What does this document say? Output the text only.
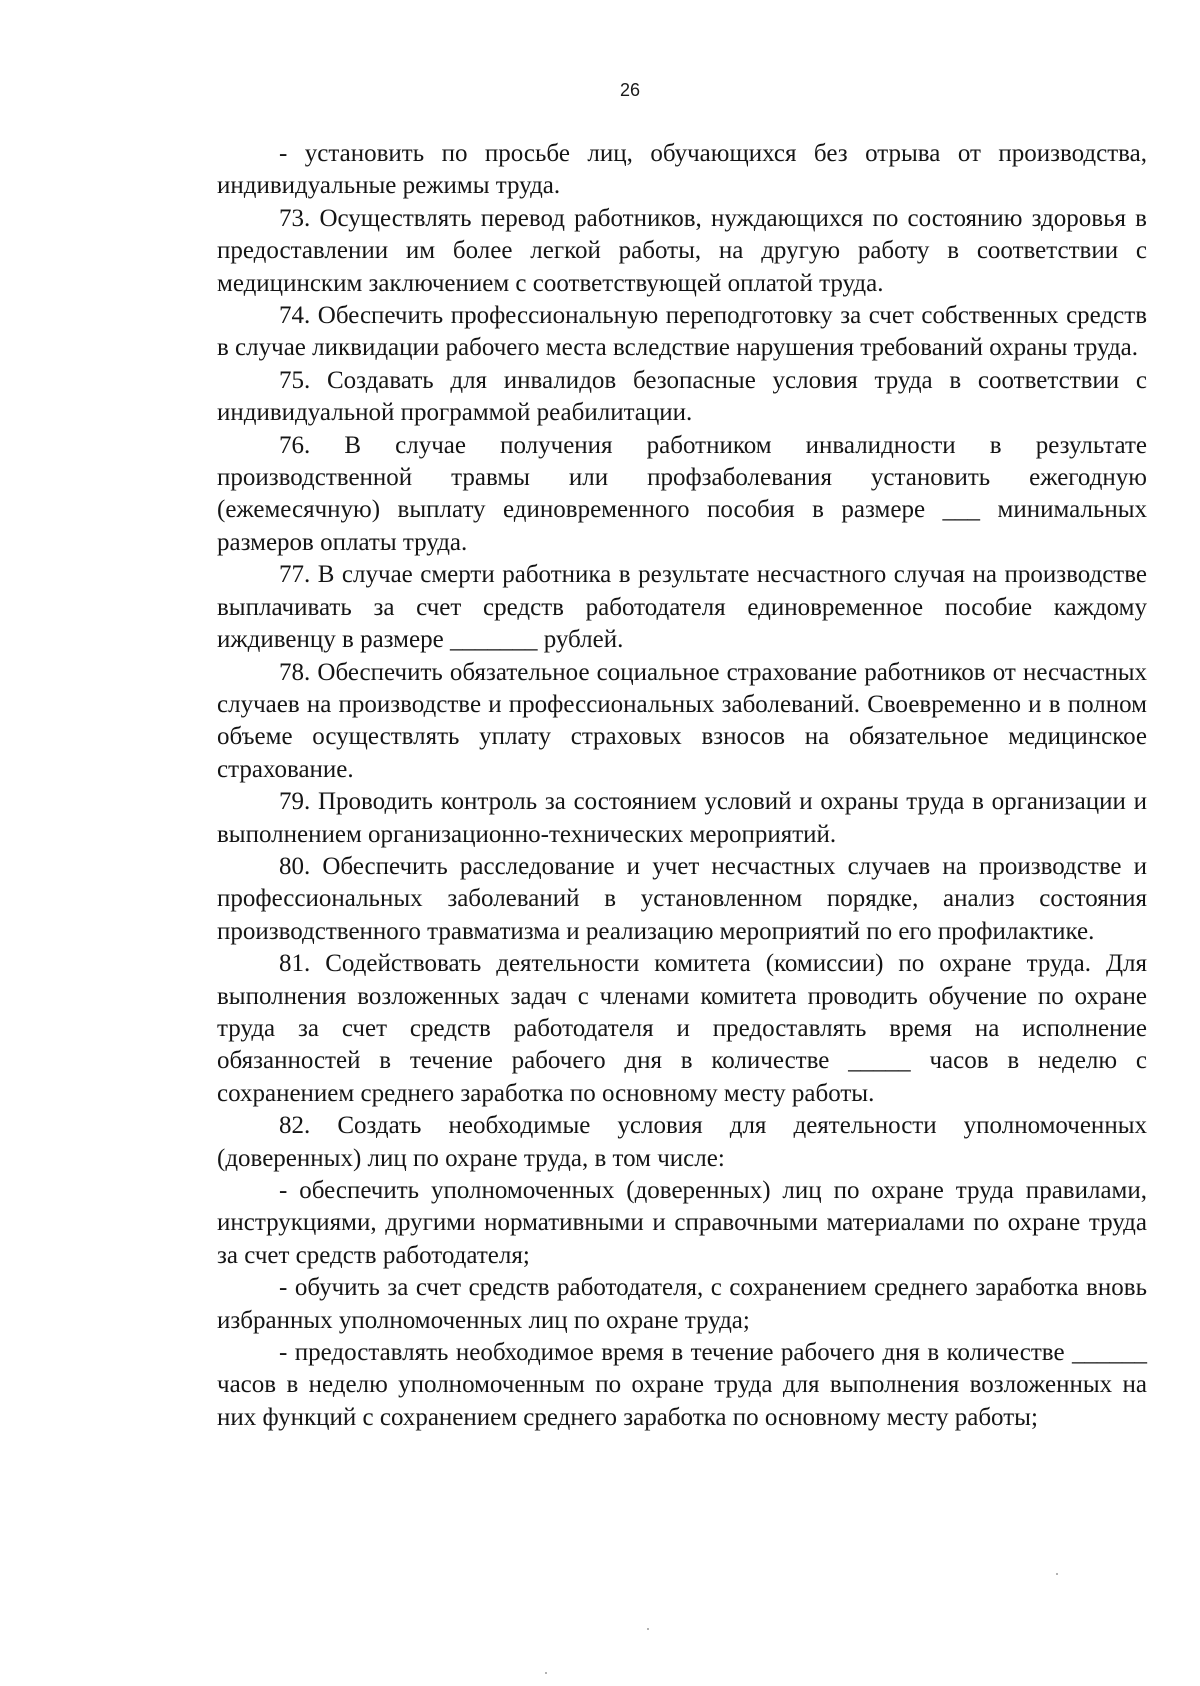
26

- установить по просьбе лиц, обучающихся без отрыва от производства, индивидуальные режимы труда.

73. Осуществлять перевод работников, нуждающихся по состоянию здоровья в предоставлении им более легкой работы, на другую работу в соответствии с медицинским заключением с соответствующей оплатой труда.

74. Обеспечить профессиональную переподготовку за счет собственных средств в случае ликвидации рабочего места вследствие нарушения требований охраны труда.

75. Создавать для инвалидов безопасные условия труда в соответствии с индивидуальной программой реабилитации.

76. В случае получения работником инвалидности в результате производственной травмы или профзаболевания установить ежегодную (ежемесячную) выплату единовременного пособия в размере ___ минимальных размеров оплаты труда.

77. В случае смерти работника в результате несчастного случая на производстве выплачивать за счет средств работодателя единовременное пособие каждому иждивенцу в размере _______ рублей.

78. Обеспечить обязательное социальное страхование работников от несчастных случаев на производстве и профессиональных заболеваний. Своевременно и в полном объеме осуществлять уплату страховых взносов на обязательное медицинское страхование.

79. Проводить контроль за состоянием условий и охраны труда в организации и выполнением организационно-технических мероприятий.

80. Обеспечить расследование и учет несчастных случаев на производстве и профессиональных заболеваний в установленном порядке, анализ состояния производственного травматизма и реализацию мероприятий по его профилактике.

81. Содействовать деятельности комитета (комиссии) по охране труда. Для выполнения возложенных задач с членами комитета проводить обучение по охране труда за счет средств работодателя и предоставлять время на исполнение обязанностей в течение рабочего дня в количестве _____ часов в неделю с сохранением среднего заработка по основному месту работы.

82. Создать необходимые условия для деятельности уполномоченных (доверенных) лиц по охране труда, в том числе:

- обеспечить уполномоченных (доверенных) лиц по охране труда правилами, инструкциями, другими нормативными и справочными материалами по охране труда за счет средств работодателя;

- обучить за счет средств работодателя, с сохранением среднего заработка вновь избранных уполномоченных лиц по охране труда;

- предоставлять необходимое время в течение рабочего дня в количестве ______ часов в неделю уполномоченным по охране труда для выполнения возложенных на них функций с сохранением среднего заработка по основному месту работы;
